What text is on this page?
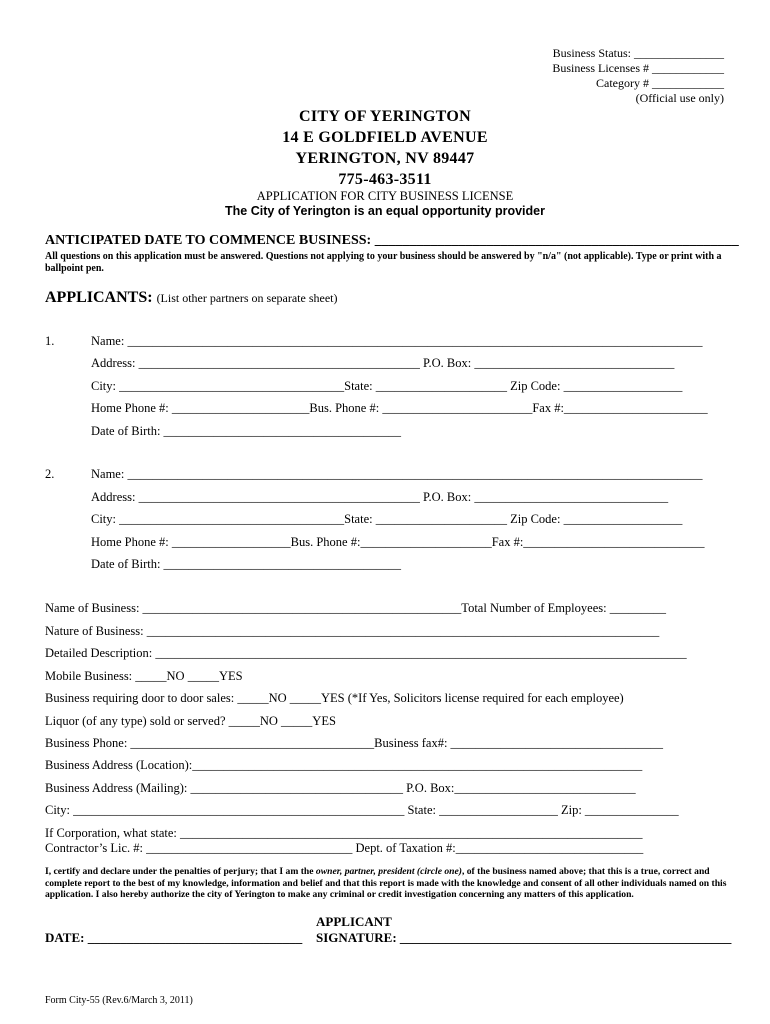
Business Status: _______________
Business Licenses # ____________
Category # ____________
(Official use only)
CITY OF YERINGTON
14 E GOLDFIELD AVENUE
YERINGTON, NV 89447
775-463-3511
APPLICATION FOR CITY BUSINESS LICENSE
The City of Yerington is an equal opportunity provider
ANTICIPATED DATE TO COMMENCE BUSINESS: ____________________________________________________
All questions on this application must be answered. Questions not applying to your business should be answered by "n/a" (not applicable). Type or print with a ballpoint pen.
APPLICANTS: (List other partners on separate sheet)
1.	Name: ____________________________________________________________________________________________
Address: _____________________________________________ P.O. Box: ________________________________
City: ____________________________________State: _____________________ Zip Code: ___________________
Home Phone #: ______________________Bus. Phone #: ________________________Fax #:_______________________
Date of Birth: ______________________________________
2.	Name: ____________________________________________________________________________________________
Address: _____________________________________________ P.O. Box: _______________________________
City: ____________________________________State: _____________________ Zip Code: ___________________
Home Phone #: ___________________Bus. Phone #:_____________________Fax #:_____________________________
Date of Birth: ______________________________________
Name of Business: ___________________________________________________Total Number of Employees: _________
Nature of Business: __________________________________________________________________________________
Detailed Description: _____________________________________________________________________________________
Mobile Business: _____NO _____YES
Business requiring door to door sales: _____NO _____YES (*If Yes, Solicitors license required for each employee)
Liquor (of any type) sold or served? _____NO _____YES
Business Phone: _______________________________________Business fax#: __________________________________
Business Address (Location):________________________________________________________________________
Business Address (Mailing): __________________________________ P.O. Box:_____________________________
City: _____________________________________________________ State: ___________________ Zip: _______________
If Corporation, what state: __________________________________________________________________________
Contractor’s Lic. #: _________________________________ Dept. of Taxation #:______________________________
I, certify and declare under the penalties of perjury; that I am the owner, partner, president (circle one), of the business named above; that this is a true, correct and complete report to the best of my knowledge, information and belief and that this report is made with the knowledge and consent of all other individuals named on this application. I also hereby authorize the city of Yerington to make any criminal or credit investigation concerning any matters of this application.
APPLICANT
DATE: _________________________________ SIGNATURE: ___________________________________________________
Form City-55 (Rev.6/March 3, 2011)
